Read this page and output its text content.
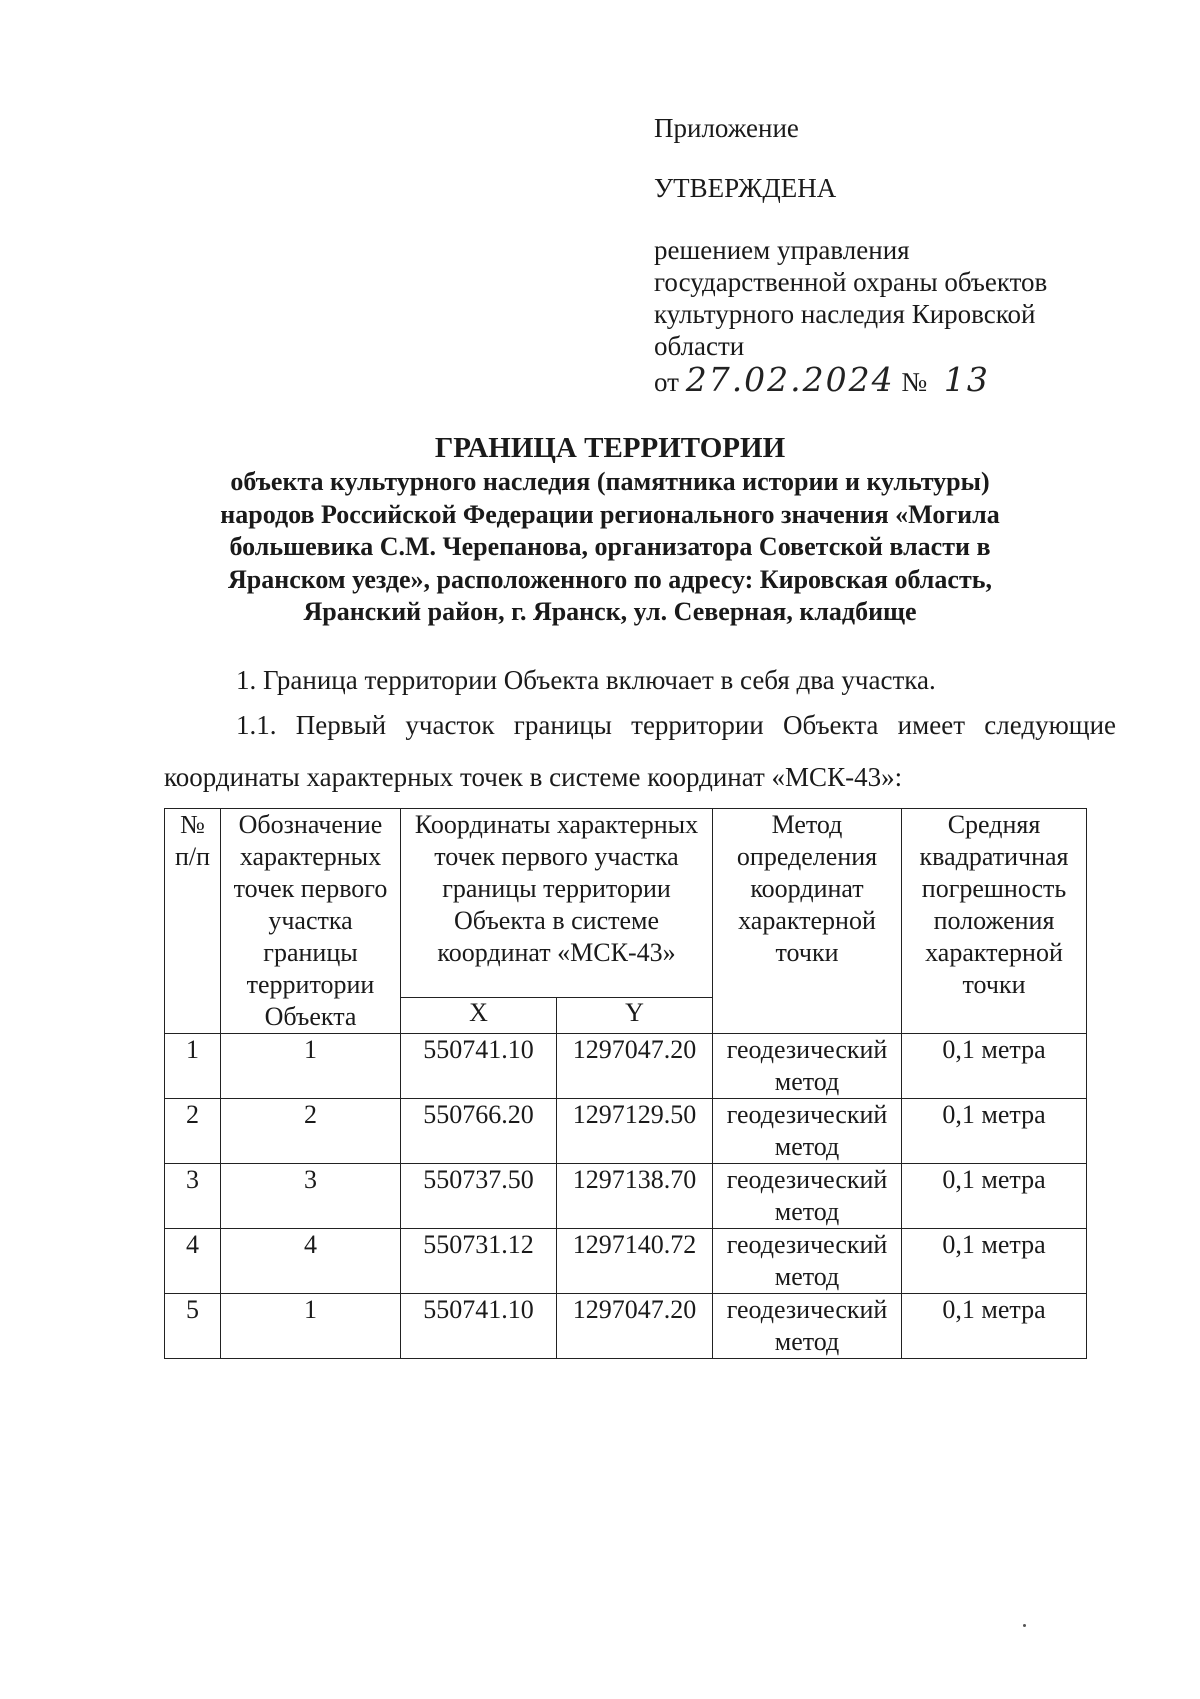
Приложение
УТВЕРЖДЕНА
решением управления
государственной охраны объектов
культурного наследия Кировской
области
от 27.02.2024 № 13
ГРАНИЦА ТЕРРИТОРИИ
объекта культурного наследия (памятника истории и культуры)
народов Российской Федерации регионального значения «Могила
большевика С.М. Черепанова, организатора Советской власти в
Яранском уезде», расположенного по адресу: Кировская область,
Яранский район, г. Яранск, ул. Северная, кладбище
1. Граница территории Объекта включает в себя два участка.
1.1. Первый участок границы территории Объекта имеет следующие
координаты характерных точек в системе координат «МСК-43»:
№ п/п	Обозначение характерных точек первого участка границы территории Объекта	Координаты характерных точек первого участка границы территории Объекта в системе координат «МСК-43»		Метод определения координат характерной точки	Средняя квадратичная погрешность положения характерной точки
		X	Y		
1	1	550741.10	1297047.20	геодезический метод	0,1 метра
2	2	550766.20	1297129.50	геодезический метод	0,1 метра
3	3	550737.50	1297138.70	геодезический метод	0,1 метра
4	4	550731.12	1297140.72	геодезический метод	0,1 метра
5	1	550741.10	1297047.20	геодезический метод	0,1 метра
